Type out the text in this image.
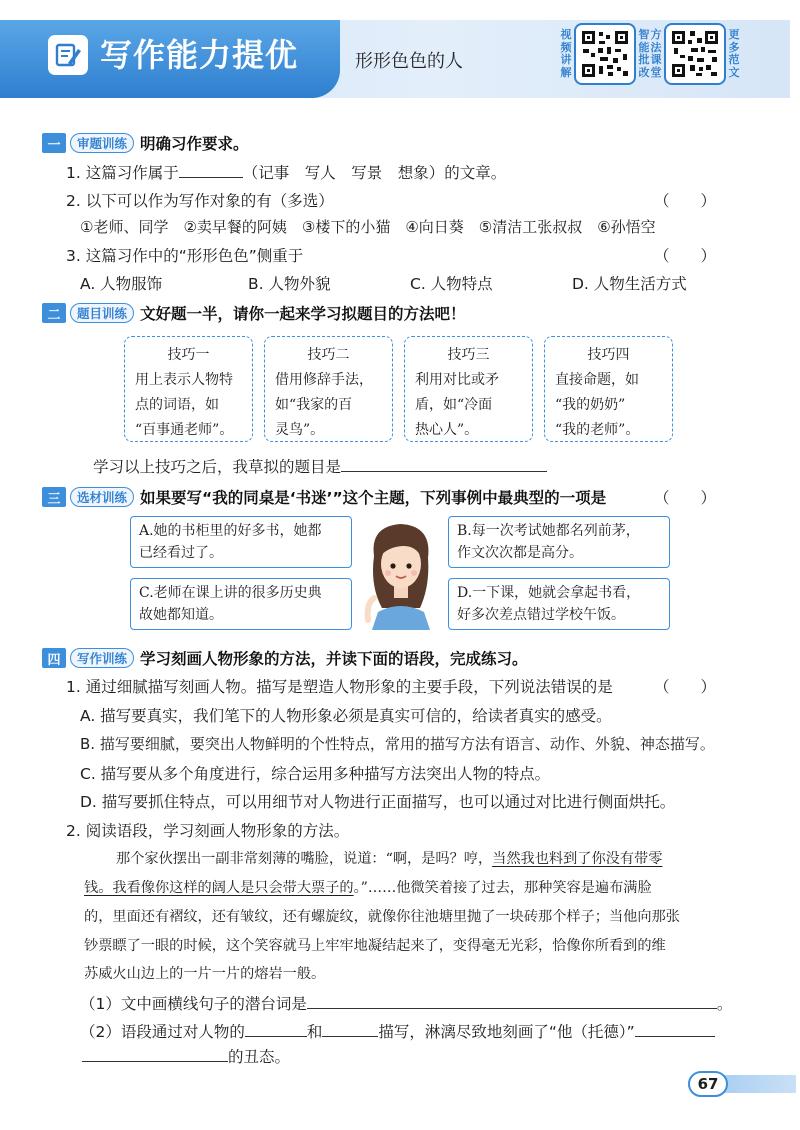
写作能力提优	形形色色的人
视频讲解
智能批改
方法课堂
更多范文
一	审题训练 明确习作要求。
1. 这篇习作属于	（记事　写人　写景　想象）的文章。
2. 以下可以作为写作对象的有（多选）	（　　）
①老师、同学　②卖早餐的阿姨　③楼下的小猫　④向日葵　⑤清洁工张叔叔　⑥孙悟空
3. 这篇习作中的“形形色色”侧重于	（　　）
A. 人物服饰	B. 人物外貌	C. 人物特点	D. 人物生活方式
二	题目训练 文好题一半，请你一起来学习拟题目的方法吧！
技巧一
用上表示人物特
点的词语，如
“百事通老师”。
技巧二
借用修辞手法，
如“我家的百
灵鸟”。
技巧三
利用对比或矛
盾，如“冷面
热心人”。
技巧四
直接命题，如
“我的奶奶”
“我的老师”。
学习以上技巧之后，我草拟的题目是
三	选材训练 如果要写“我的同桌是‘书迷’”这个主题，下列事例中最典型的一项是	（　　）
A.她的书柜里的好多书，她都
已经看过了。
B.每一次考试她都名列前茅，
作文次次都是高分。
C.老师在课上讲的很多历史典
故她都知道。
D.一下课，她就会拿起书看，
好多次差点错过学校午饭。
四	写作训练 学习刻画人物形象的方法，并读下面的语段，完成练习。
1. 通过细腻描写刻画人物。描写是塑造人物形象的主要手段，下列说法错误的是	（　　）
A. 描写要真实，我们笔下的人物形象必须是真实可信的，给读者真实的感受。
B. 描写要细腻，要突出人物鲜明的个性特点，常用的描写方法有语言、动作、外貌、神态描写。
C. 描写要从多个角度进行，综合运用多种描写方法突出人物的特点。
D. 描写要抓住特点，可以用细节对人物进行正面描写，也可以通过对比进行侧面烘托。
2. 阅读语段，学习刻画人物形象的方法。
那个家伙摆出一副非常刻薄的嘴脸，说道：“啊，是吗？哼，当然我也料到了你没有带零
钱。我看像你这样的阔人是只会带大票子的。”……他微笑着接了过去，那种笑容是遍布满脸
的，里面还有褶纹，还有皱纹，还有螺旋纹，就像你往池塘里抛了一块砖那个样子；当他向那张
钞票瞟了一眼的时候，这个笑容就马上牢牢地凝结起来了，变得毫无光彩，恰像你所看到的维
苏威火山边上的一片一片的熔岩一般。
（1）文中画横线句子的潜台词是	。
（2）语段通过对人物的	和	描写，淋漓尽致地刻画了“他（托德）”
的丑态。
67
